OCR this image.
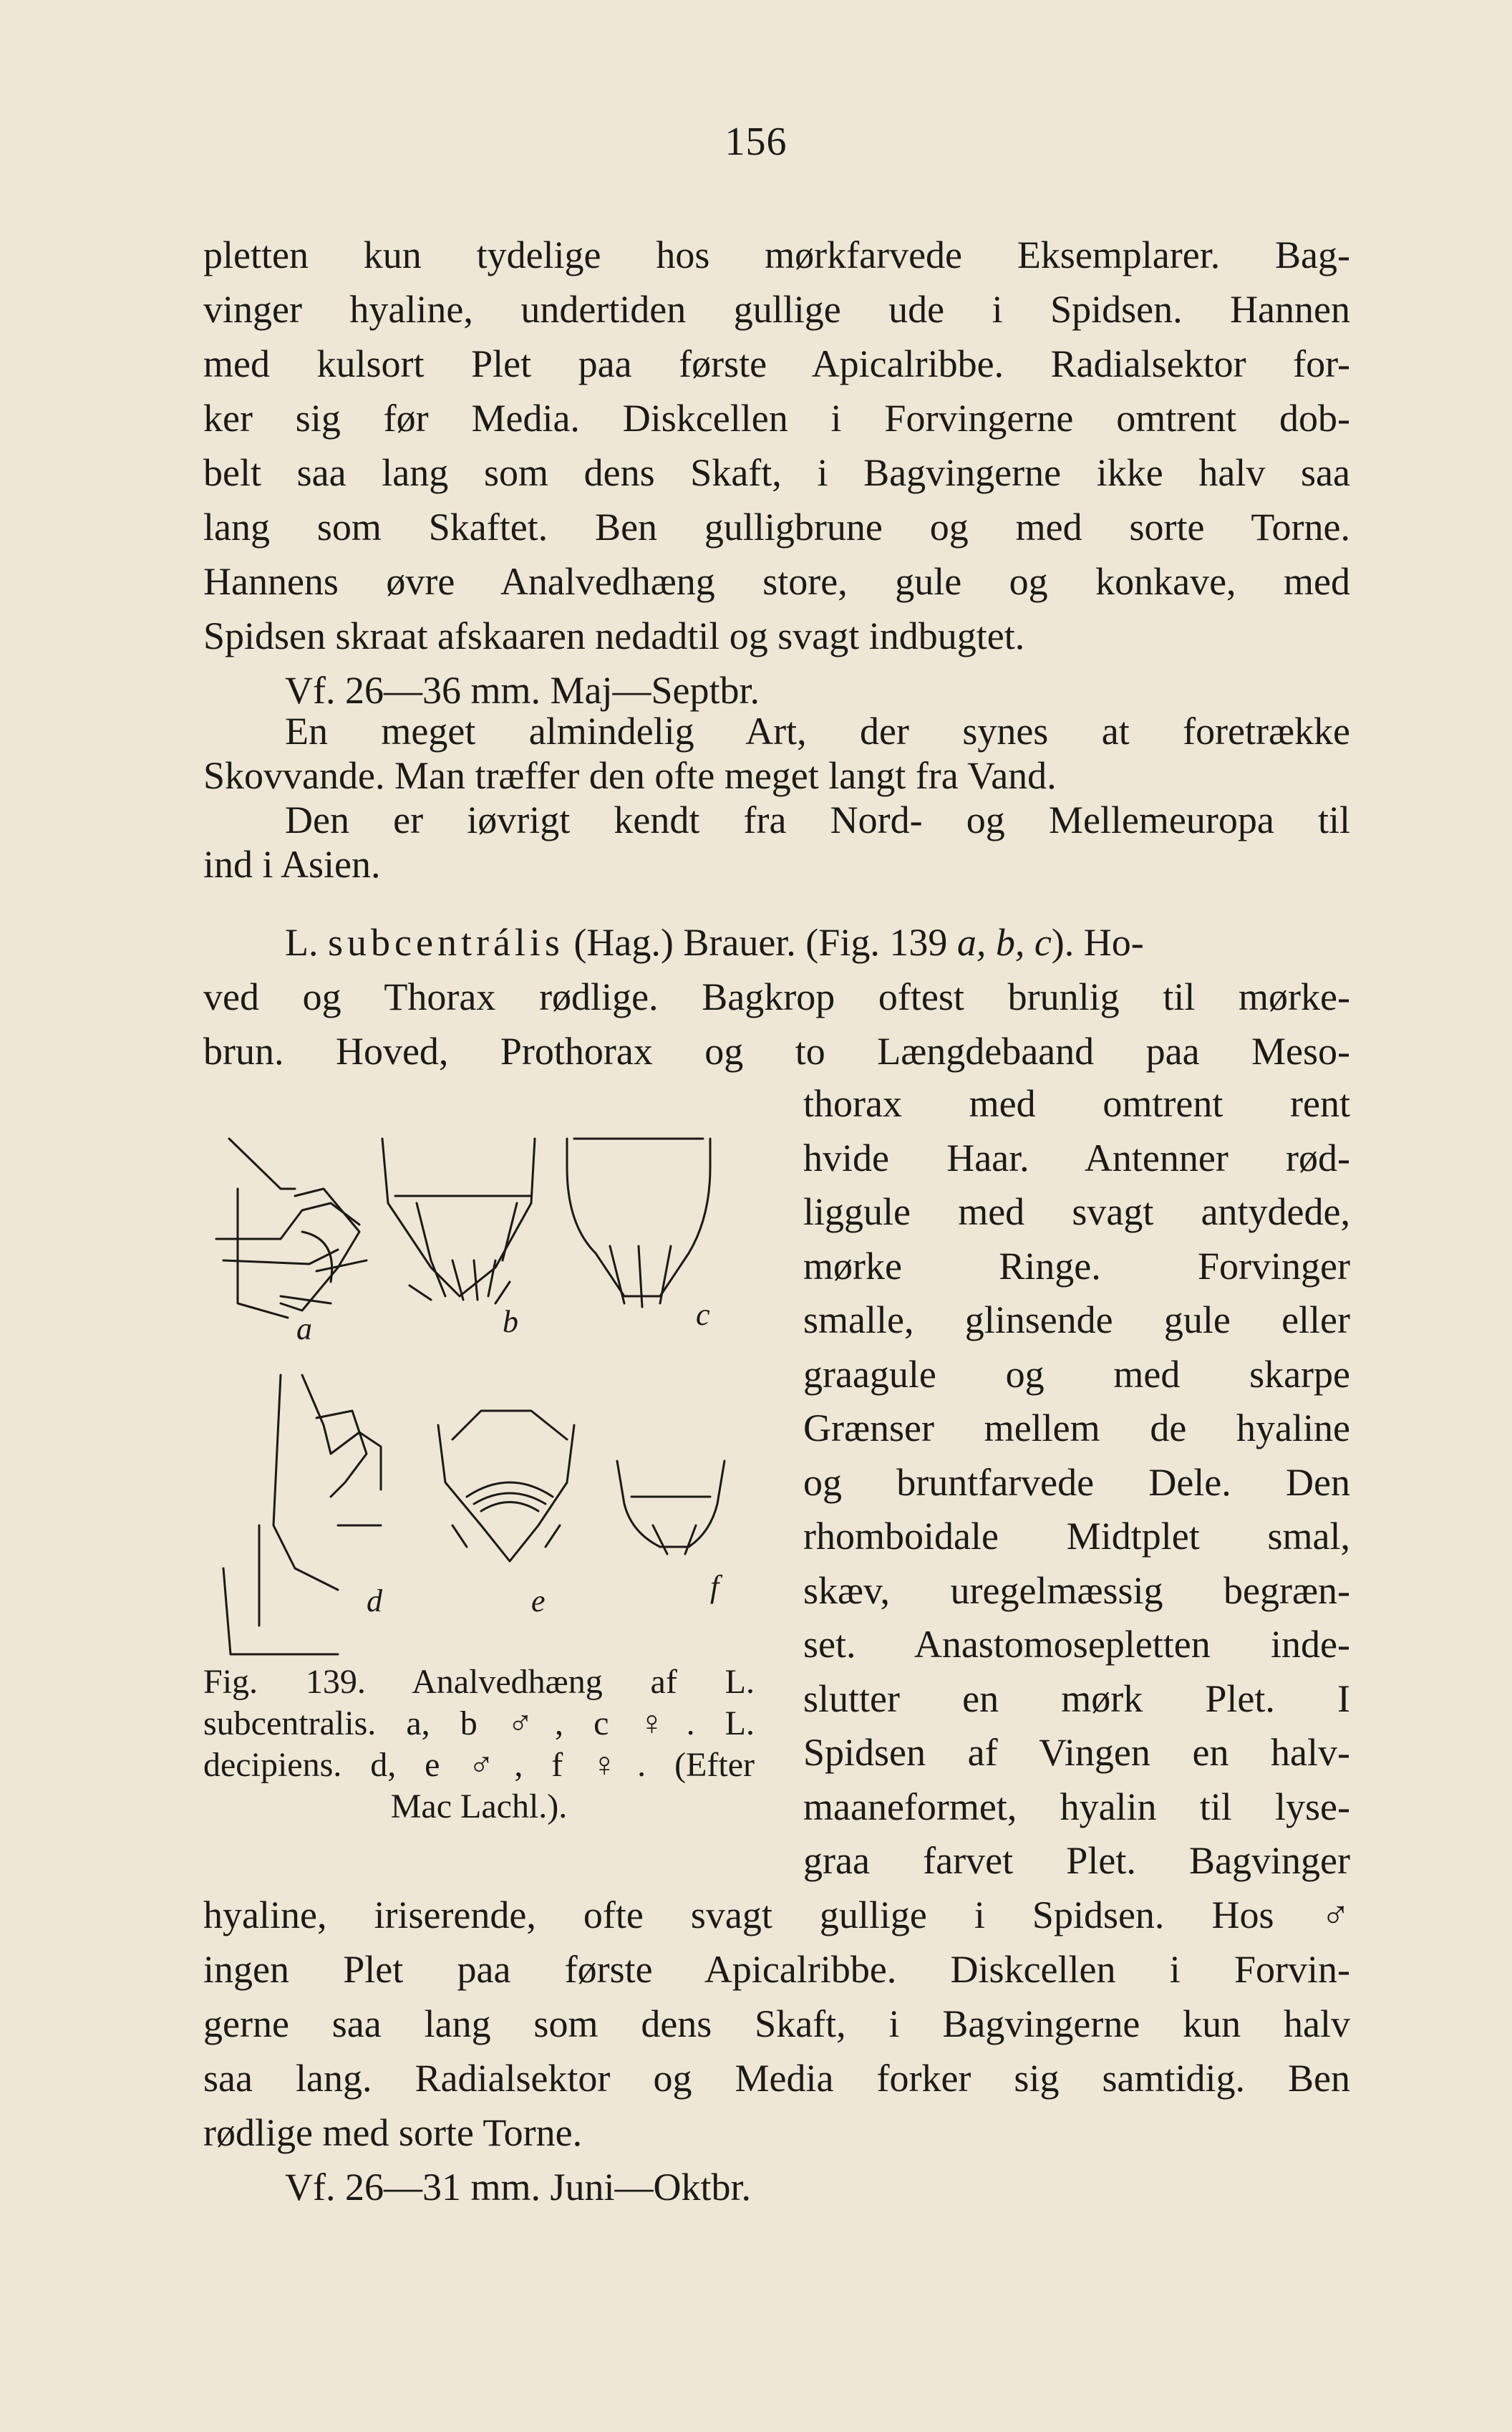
156
pletten kun tydelige hos mørkfarvede Eksemplarer. Bag-
vinger hyaline, undertiden gullige ude i Spidsen. Hannen
med kulsort Plet paa første Apicalribbe. Radialsektor for-
ker sig før Media. Diskcellen i Forvingerne omtrent dob-
belt saa lang som dens Skaft, i Bagvingerne ikke halv saa
lang som Skaftet. Ben gulligbrune og med sorte Torne.
Hannens øvre Analvedhæng store, gule og konkave, med
Spidsen skraat afskaaren nedadtil og svagt indbugtet.
Vf. 26—36 mm. Maj—Septbr.
En meget almindelig Art, der synes at foretrække
Skovvande. Man træffer den ofte meget langt fra Vand.
Den er iøvrigt kendt fra Nord- og Mellemeuropa til
ind i Asien.
L. subcentrális (Hag.) Brauer. (Fig. 139 a, b, c). Ho-
ved og Thorax rødlige. Bagkrop oftest brunlig til mørke-
brun. Hoved, Prothorax og to Længdebaand paa Meso-
thorax med omtrent rent
hvide Haar. Antenner rød-
liggule med svagt antydede,
mørke Ringe. Forvinger
smalle, glinsende gule eller
graagule og med skarpe
Grænser mellem de hyaline
og bruntfarvede Dele. Den
rhomboidale Midtplet smal,
skæv, uregelmæssig begræn-
set. Anastomosepletten inde-
slutter en mørk Plet. I
Spidsen af Vingen en halv-
maaneformet, hyalin til lyse-
graa farvet Plet. Bagvinger
a	b	c
d	e	f
Fig. 139. Analvedhæng af L.
subcentralis. a, b ♂, c ♀. L.
decipiens. d, e ♂, f ♀. (Efter
Mac Lachl.).
hyaline, iriserende, ofte svagt gullige i Spidsen. Hos ♂
ingen Plet paa første Apicalribbe. Diskcellen i Forvin-
gerne saa lang som dens Skaft, i Bagvingerne kun halv
saa lang. Radialsektor og Media forker sig samtidig. Ben
rødlige med sorte Torne.
Vf. 26—31 mm. Juni—Oktbr.
